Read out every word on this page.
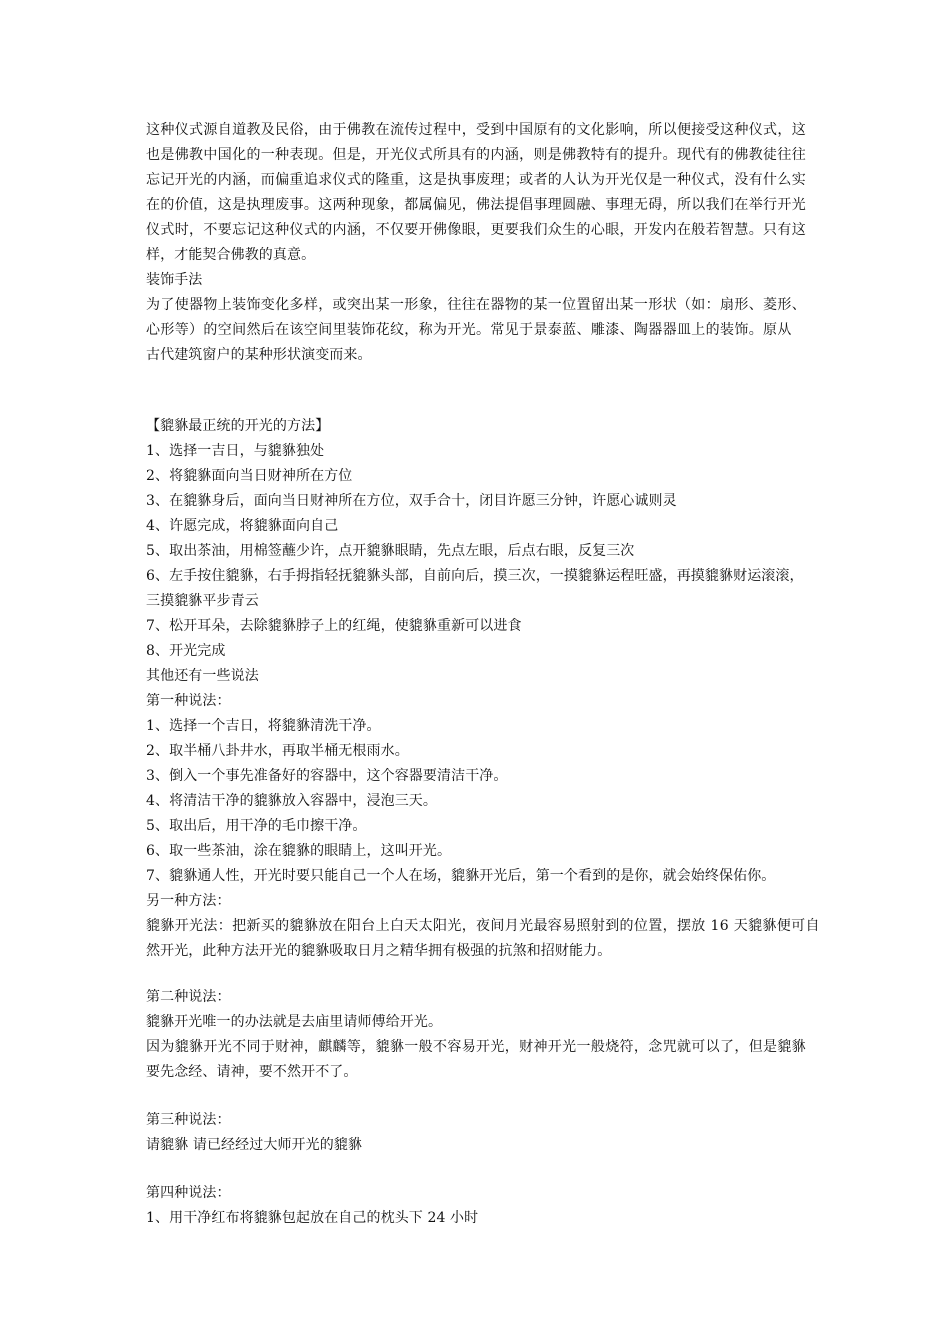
这种仪式源自道教及民俗，由于佛教在流传过程中，受到中国原有的文化影响，所以便接受这种仪式，这

也是佛教中国化的一种表现。但是，开光仪式所具有的内涵，则是佛教特有的提升。现代有的佛教徒往往

忘记开光的内涵，而偏重追求仪式的隆重，这是执事废理；或者的人认为开光仅是一种仪式，没有什么实

在的价值，这是执理废事。这两种现象，都属偏见，佛法提倡事理圆融、事理无碍，所以我们在举行开光

仪式时，不要忘记这种仪式的内涵，不仅要开佛像眼，更要我们众生的心眼，开发内在般若智慧。只有这

样，才能契合佛教的真意。

装饰手法

为了使器物上装饰变化多样，或突出某一形象，往往在器物的某一位置留出某一形状（如：扇形、菱形、

心形等）的空间然后在该空间里装饰花纹，称为开光。常见于景泰蓝、雕漆、陶器器皿上的装饰。原从

古代建筑窗户的某种形状演变而来。

【貔貅最正统的开光的方法】

1、选择一吉日，与貔貅独处

2、将貔貅面向当日财神所在方位

3、在貔貅身后，面向当日财神所在方位，双手合十，闭目许愿三分钟，许愿心诚则灵

4、许愿完成，将貔貅面向自己

5、取出茶油，用棉签蘸少许，点开貔貅眼睛，先点左眼，后点右眼，反复三次

6、左手按住貔貅，右手拇指轻抚貔貅头部，自前向后，摸三次，一摸貔貅运程旺盛，再摸貔貅财运滚滚，

三摸貔貅平步青云

7、松开耳朵，去除貔貅脖子上的红绳，使貔貅重新可以进食

8、开光完成

其他还有一些说法

第一种说法：

1、选择一个吉日，将貔貅清洗干净。

2、取半桶八卦井水，再取半桶无根雨水。

3、倒入一个事先准备好的容器中，这个容器要清洁干净。

4、将清洁干净的貔貅放入容器中，浸泡三天。

5、取出后，用干净的毛巾擦干净。

6、取一些茶油，涂在貔貅的眼睛上，这叫开光。

7、貔貅通人性，开光时要只能自己一个人在场，貔貅开光后，第一个看到的是你，就会始终保佑你。

另一种方法：

貔貅开光法：把新买的貔貅放在阳台上白天太阳光，夜间月光最容易照射到的位置，摆放 16 天貔貅便可自

然开光，此种方法开光的貔貅吸取日月之精华拥有极强的抗煞和招财能力。

第二种说法：

貔貅开光唯一的办法就是去庙里请师傅给开光。

因为貔貅开光不同于财神，麒麟等，貔貅一般不容易开光，财神开光一般烧符，念咒就可以了，但是貔貅

要先念经、请神，要不然开不了。

第三种说法：

请貔貅 请已经经过大师开光的貔貅

第四种说法：

1、用干净红布将貔貅包起放在自己的枕头下 24 小时
